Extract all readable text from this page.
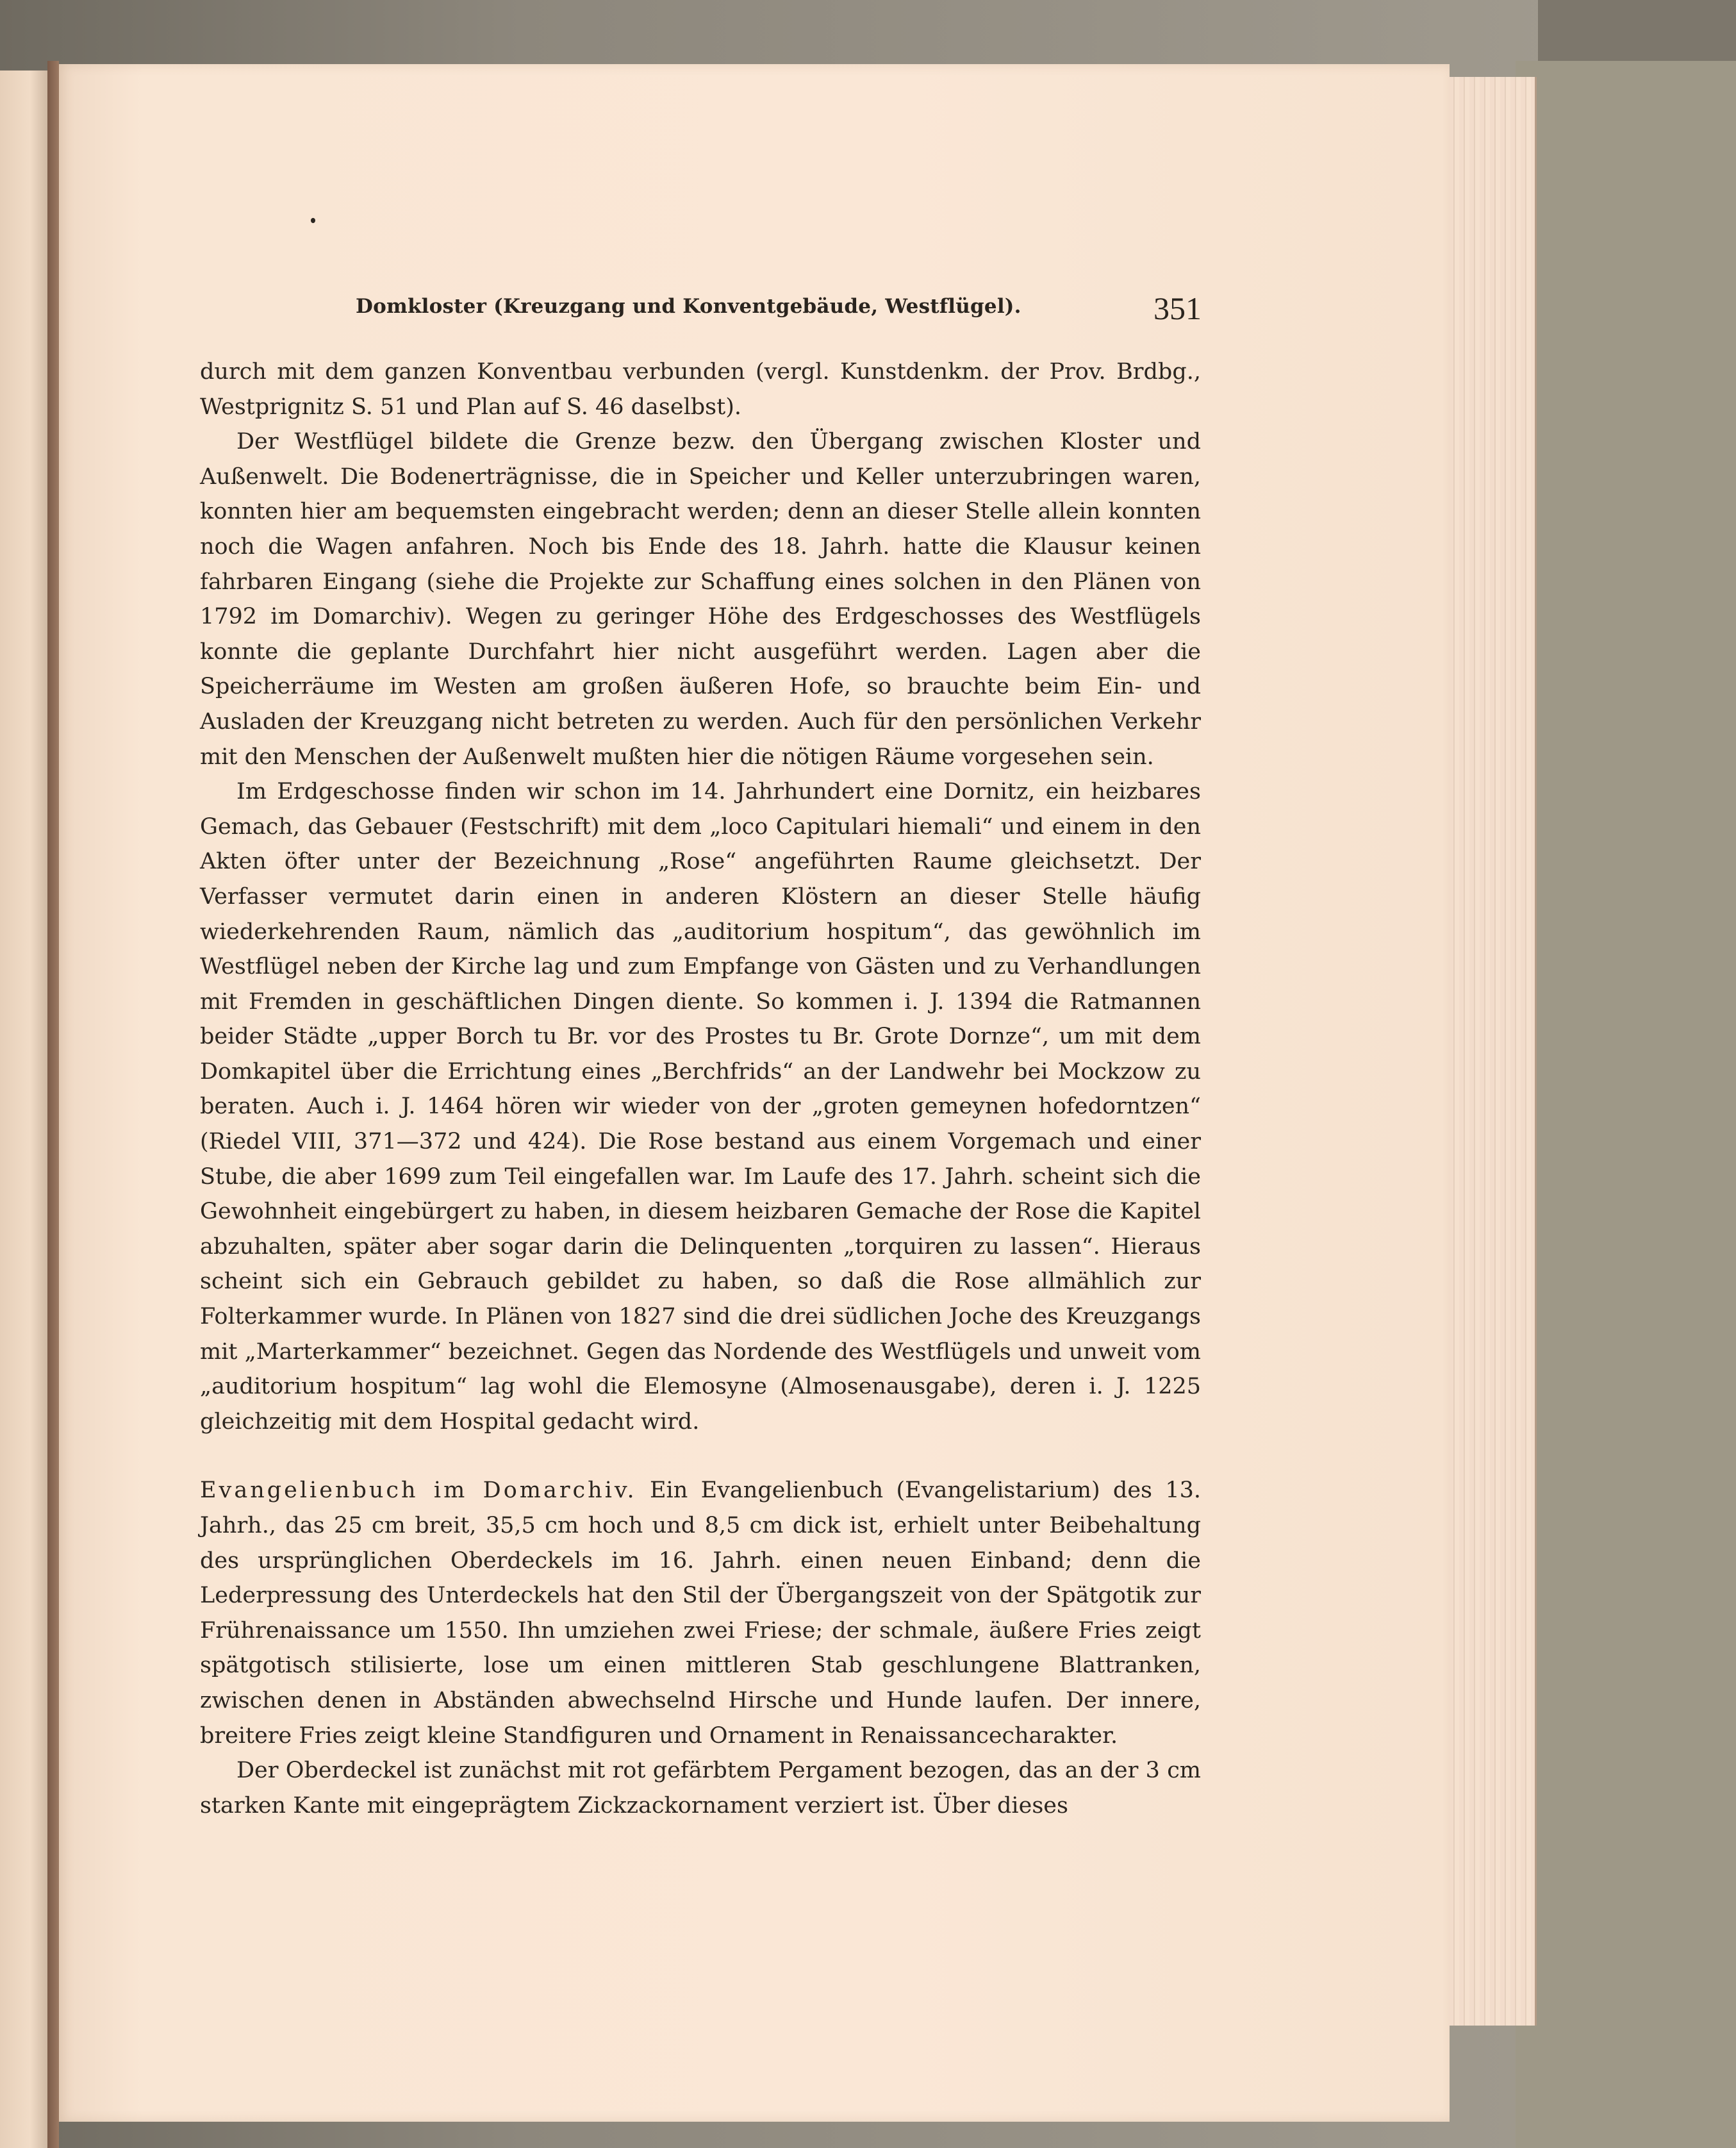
Domkloster (Kreuzgang und Konventgebäude, Westflügel).	351

durch mit dem ganzen Konventbau verbunden (vergl. Kunstdenkm. der Prov. Brdbg., Westprignitz S. 51 und Plan auf S. 46 daselbst).

Der Westflügel bildete die Grenze bezw. den Übergang zwischen Kloster und Außenwelt. Die Bodenerträgnisse, die in Speicher und Keller unterzubringen waren, konnten hier am bequemsten eingebracht werden; denn an dieser Stelle allein konnten noch die Wagen anfahren. Noch bis Ende des 18. Jahrh. hatte die Klausur keinen fahrbaren Eingang (siehe die Projekte zur Schaffung eines solchen in den Plänen von 1792 im Domarchiv). Wegen zu geringer Höhe des Erdgeschosses des Westflügels konnte die geplante Durchfahrt hier nicht ausgeführt werden. Lagen aber die Speicherräume im Westen am großen äußeren Hofe, so brauchte beim Ein- und Ausladen der Kreuzgang nicht betreten zu werden. Auch für den persönlichen Verkehr mit den Menschen der Außenwelt mußten hier die nötigen Räume vorgesehen sein.

Im Erdgeschosse finden wir schon im 14. Jahrhundert eine Dornitz, ein heizbares Gemach, das Gebauer (Festschrift) mit dem „loco Capitulari hiemali“ und einem in den Akten öfter unter der Bezeichnung „Rose“ angeführten Raume gleichsetzt. Der Verfasser vermutet darin einen in anderen Klöstern an dieser Stelle häufig wiederkehrenden Raum, nämlich das „auditorium hospitum“, das gewöhnlich im Westflügel neben der Kirche lag und zum Empfange von Gästen und zu Verhandlungen mit Fremden in geschäftlichen Dingen diente. So kommen i. J. 1394 die Ratmannen beider Städte „upper Borch tu Br. vor des Prostes tu Br. Grote Dornze“, um mit dem Domkapitel über die Errichtung eines „Berchfrids“ an der Landwehr bei Mockzow zu beraten. Auch i. J. 1464 hören wir wieder von der „groten gemeynen hofedorntzen“ (Riedel VIII, 371—372 und 424). Die Rose bestand aus einem Vorgemach und einer Stube, die aber 1699 zum Teil eingefallen war. Im Laufe des 17. Jahrh. scheint sich die Gewohnheit eingebürgert zu haben, in diesem heizbaren Gemache der Rose die Kapitel abzuhalten, später aber sogar darin die Delinquenten „torquiren zu lassen“. Hieraus scheint sich ein Gebrauch gebildet zu haben, so daß die Rose allmählich zur Folterkammer wurde. In Plänen von 1827 sind die drei südlichen Joche des Kreuzgangs mit „Marterkammer“ bezeichnet. Gegen das Nordende des Westflügels und unweit vom „auditorium hospitum“ lag wohl die Elemosyne (Almosenausgabe), deren i. J. 1225 gleichzeitig mit dem Hospital gedacht wird.

Evangelienbuch im Domarchiv. Ein Evangelienbuch (Evangelistarium) des 13. Jahrh., das 25 cm breit, 35,5 cm hoch und 8,5 cm dick ist, erhielt unter Beibehaltung des ursprünglichen Oberdeckels im 16. Jahrh. einen neuen Einband; denn die Lederpressung des Unterdeckels hat den Stil der Übergangszeit von der Spätgotik zur Frührenaissance um 1550. Ihn umziehen zwei Friese; der schmale, äußere Fries zeigt spätgotisch stilisierte, lose um einen mittleren Stab geschlungene Blattranken, zwischen denen in Abständen abwechselnd Hirsche und Hunde laufen. Der innere, breitere Fries zeigt kleine Standfiguren und Ornament in Renaissancecharakter.

Der Oberdeckel ist zunächst mit rot gefärbtem Pergament bezogen, das an der 3 cm starken Kante mit eingeprägtem Zickzackornament verziert ist. Über dieses
